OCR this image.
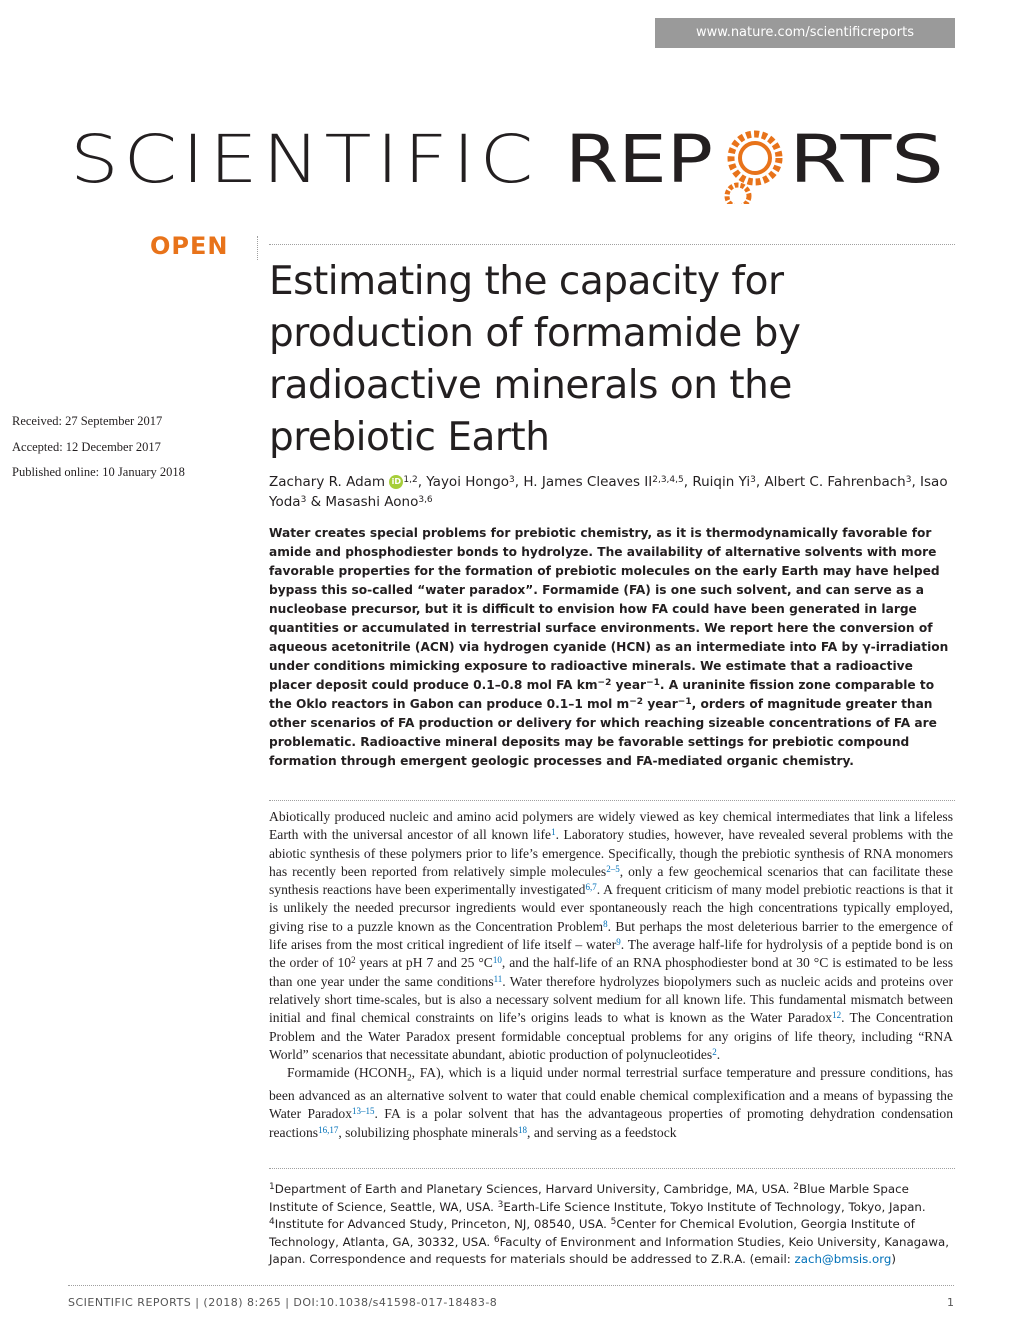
www.nature.com/scientificreports
SCIENTIFIC REP RTS
OPEN
Received: 27 September 2017
Accepted: 12 December 2017
Published online: 10 January 2018
Estimating the capacity for production of formamide by radioactive minerals on the prebiotic Earth
Zachary R. Adam iD $^{1,2}$, Yayoi Hongo$^3$, H. James Cleaves II$^{2,3,4,5}$, Ruiqin Yi$^3$, Albert C. Fahrenbach$^3$, Isao Yoda$^3$ & Masashi Aono$^{3,6}$
Water creates special problems for prebiotic chemistry, as it is thermodynamically favorable for amide and phosphodiester bonds to hydrolyze. The availability of alternative solvents with more favorable properties for the formation of prebiotic molecules on the early Earth may have helped bypass this so-called “water paradox”. Formamide (FA) is one such solvent, and can serve as a nucleobase precursor, but it is difficult to envision how FA could have been generated in large quantities or accumulated in terrestrial surface environments. We report here the conversion of aqueous acetonitrile (ACN) via hydrogen cyanide (HCN) as an intermediate into FA by γ-irradiation under conditions mimicking exposure to radioactive minerals. We estimate that a radioactive placer deposit could produce 0.1–0.8 mol FA $km^{-2}$ year$^{-1}$. A uraninite fission zone comparable to the Oklo reactors in Gabon can produce 0.1–1 mol $m^{-2}$ year$^{-1}$, orders of magnitude greater than other scenarios of FA production or delivery for which reaching sizeable concentrations of FA are problematic. Radioactive mineral deposits may be favorable settings for prebiotic compound formation through emergent geologic processes and FA-mediated organic chemistry.

Abiotically produced nucleic and amino acid polymers are widely viewed as key chemical intermediates that link a lifeless Earth with the universal ancestor of all known life$^1$. Laboratory studies, however, have revealed several problems with the abiotic synthesis of these polymers prior to life’s emergence. Specifically, though the prebiotic synthesis of RNA monomers has recently been reported from relatively simple molecules$^{2-5}$, only a few geochemical scenarios that can facilitate these synthesis reactions have been experimentally investigated$^{6,7}$. A frequent criticism of many model prebiotic reactions is that it is unlikely the needed precursor ingredients would ever spontaneously reach the high concentrations typically employed, giving rise to a puzzle known as the Concentration Problem$^8$. But perhaps the most deleterious barrier to the emergence of life arises from the most critical ingredient of life itself – water$^9$. The average half-life for hydrolysis of a peptide bond is on the order of $10^2$ years at pH 7 and 25 °C$^{10}$, and the half-life of an RNA phosphodiester bond at 30 °C is estimated to be less than one year under the same conditions$^{11}$. Water therefore hydrolyzes biopolymers such as nucleic acids and proteins over relatively short time-scales, but is also a necessary solvent medium for all known life. This fundamental mismatch between initial and final chemical constraints on life’s origins leads to what is known as the Water Paradox$^{12}$. The Concentration Problem and the Water Paradox present formidable conceptual problems for any origins of life theory, including “RNA World” scenarios that necessitate abundant, abiotic production of polynucleotides$^2$.

Formamide ($HCONH_2$, FA), which is a liquid under normal terrestrial surface temperature and pressure conditions, has been advanced as an alternative solvent to water that could enable chemical complexification and a means of bypassing the Water Paradox$^{13-15}$. FA is a polar solvent that has the advantageous properties of promoting dehydration condensation reactions$^{16,17}$, solubilizing phosphate minerals$^{18}$, and serving as a feedstock

$^1$Department of Earth and Planetary Sciences, Harvard University, Cambridge, MA, USA. $^2$Blue Marble Space Institute of Science, Seattle, WA, USA. $^3$Earth-Life Science Institute, Tokyo Institute of Technology, Tokyo, Japan. $^4$Institute for Advanced Study, Princeton, NJ, 08540, USA. $^5$Center for Chemical Evolution, Georgia Institute of Technology, Atlanta, GA, 30332, USA. $^6$Faculty of Environment and Information Studies, Keio University, Kanagawa, Japan. Correspondence and requests for materials should be addressed to Z.R.A. (email: zach@bmsis.org)
SCIENTIFIC REPORTS | (2018) 8:265 | DOI:10.1038/s41598-017-18483-8	1
